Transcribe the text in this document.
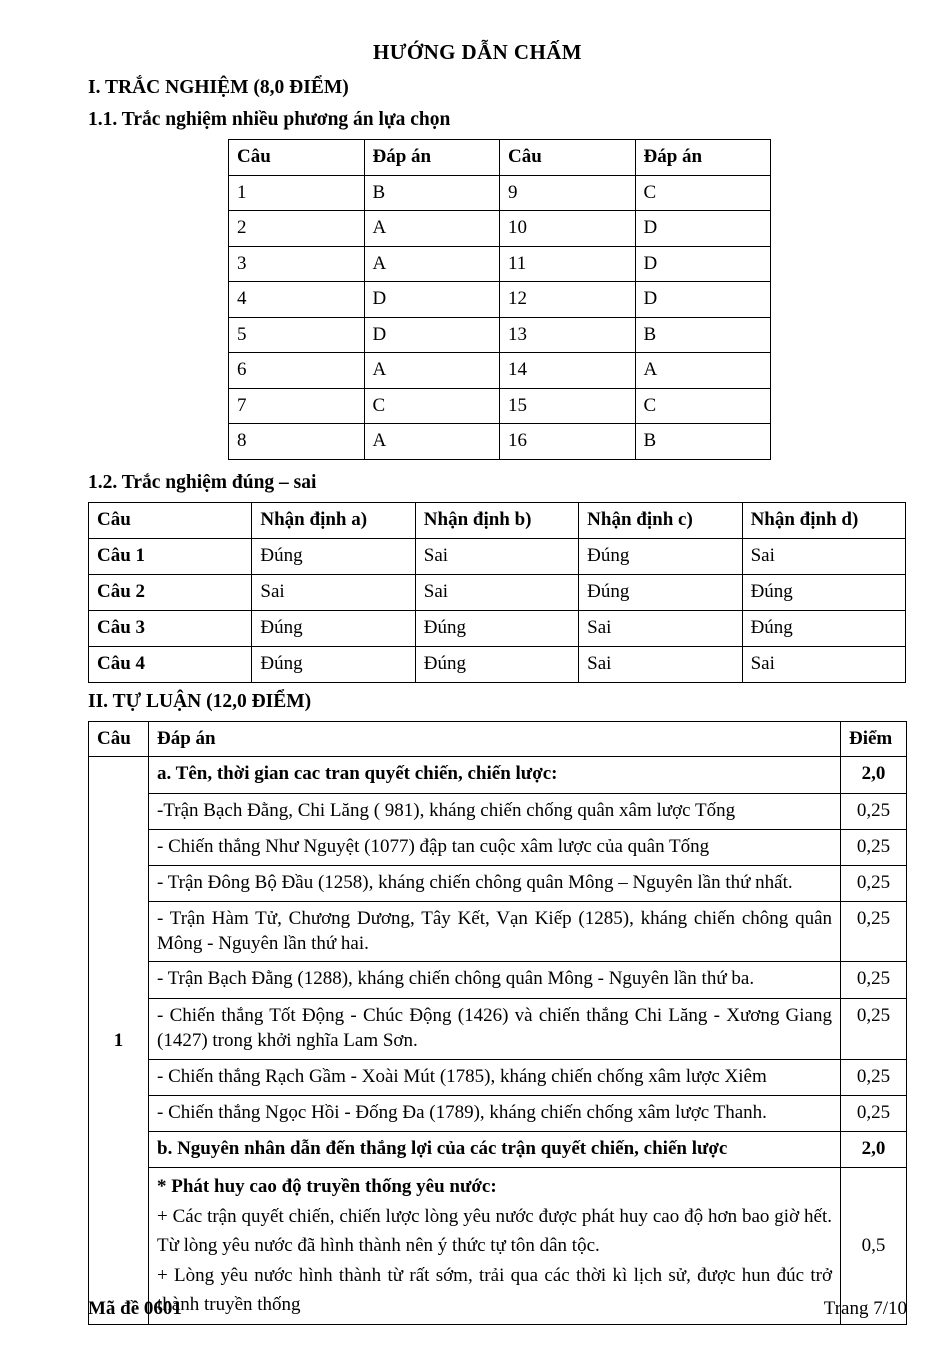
HƯỚNG DẪN CHẤM
I. TRẮC NGHIỆM (8,0 ĐIỂM)
1.1. Trắc nghiệm nhiều phương án lựa chọn
Câu	Đáp án	Câu	Đáp án
1	B	9	C
2	A	10	D
3	A	11	D
4	D	12	D
5	D	13	B
6	A	14	A
7	C	15	C
8	A	16	B
1.2. Trắc nghiệm đúng – sai
Câu	Nhận định a)	Nhận định b)	Nhận định c)	Nhận định d)
Câu 1	Đúng	Sai	Đúng	Sai
Câu 2	Sai	Sai	Đúng	Đúng
Câu 3	Đúng	Đúng	Sai	Đúng
Câu 4	Đúng	Đúng	Sai	Sai
II. TỰ LUẬN (12,0 ĐIỂM)
Câu	Đáp án	Điểm
1	a. Tên, thời gian cac tran quyết chiến, chiến lược:	2,0
	-Trận Bạch Đằng, Chi Lăng ( 981), kháng chiến chống quân xâm lược Tống	0,25
	- Chiến thắng Như Nguyệt (1077) đập tan cuộc xâm lược của quân Tống	0,25
	- Trận Đông Bộ Đầu (1258), kháng chiến chông quân Mông – Nguyên lần thứ nhất.	0,25
	- Trận Hàm Tử, Chương Dương, Tây Kết, Vạn Kiếp (1285), kháng chiến chông quân Mông - Nguyên lần thứ hai.	0,25
	- Trận Bạch Đằng (1288), kháng chiến chông quân Mông - Nguyên lần thứ ba.	0,25
	- Chiến thắng Tốt Động - Chúc Động (1426) và chiến thắng Chi Lăng - Xương Giang (1427) trong khởi nghĩa Lam Sơn.	0,25
	- Chiến thắng Rạch Gầm - Xoài Mút (1785), kháng chiến chống xâm lược Xiêm	0,25
	- Chiến thắng Ngọc Hồi - Đống Đa (1789), kháng chiến chống xâm lược Thanh.	0,25
	b. Nguyên nhân dẫn đến thắng lợi của các trận quyết chiến, chiến lược	2,0

	* Phát huy cao độ truyền thống yêu nước:

+ Các trận quyết chiến, chiến lược lòng yêu nước được phát huy cao độ hơn bao giờ hết. Từ lòng yêu nước đã hình thành nên ý thức tự tôn dân tộc.

+ Lòng yêu nước hình thành từ rất sớm, trải qua các thời kì lịch sử, được hun đúc trở thành truyền thống	0,5
Mã đề 0601	Trang 7/10
